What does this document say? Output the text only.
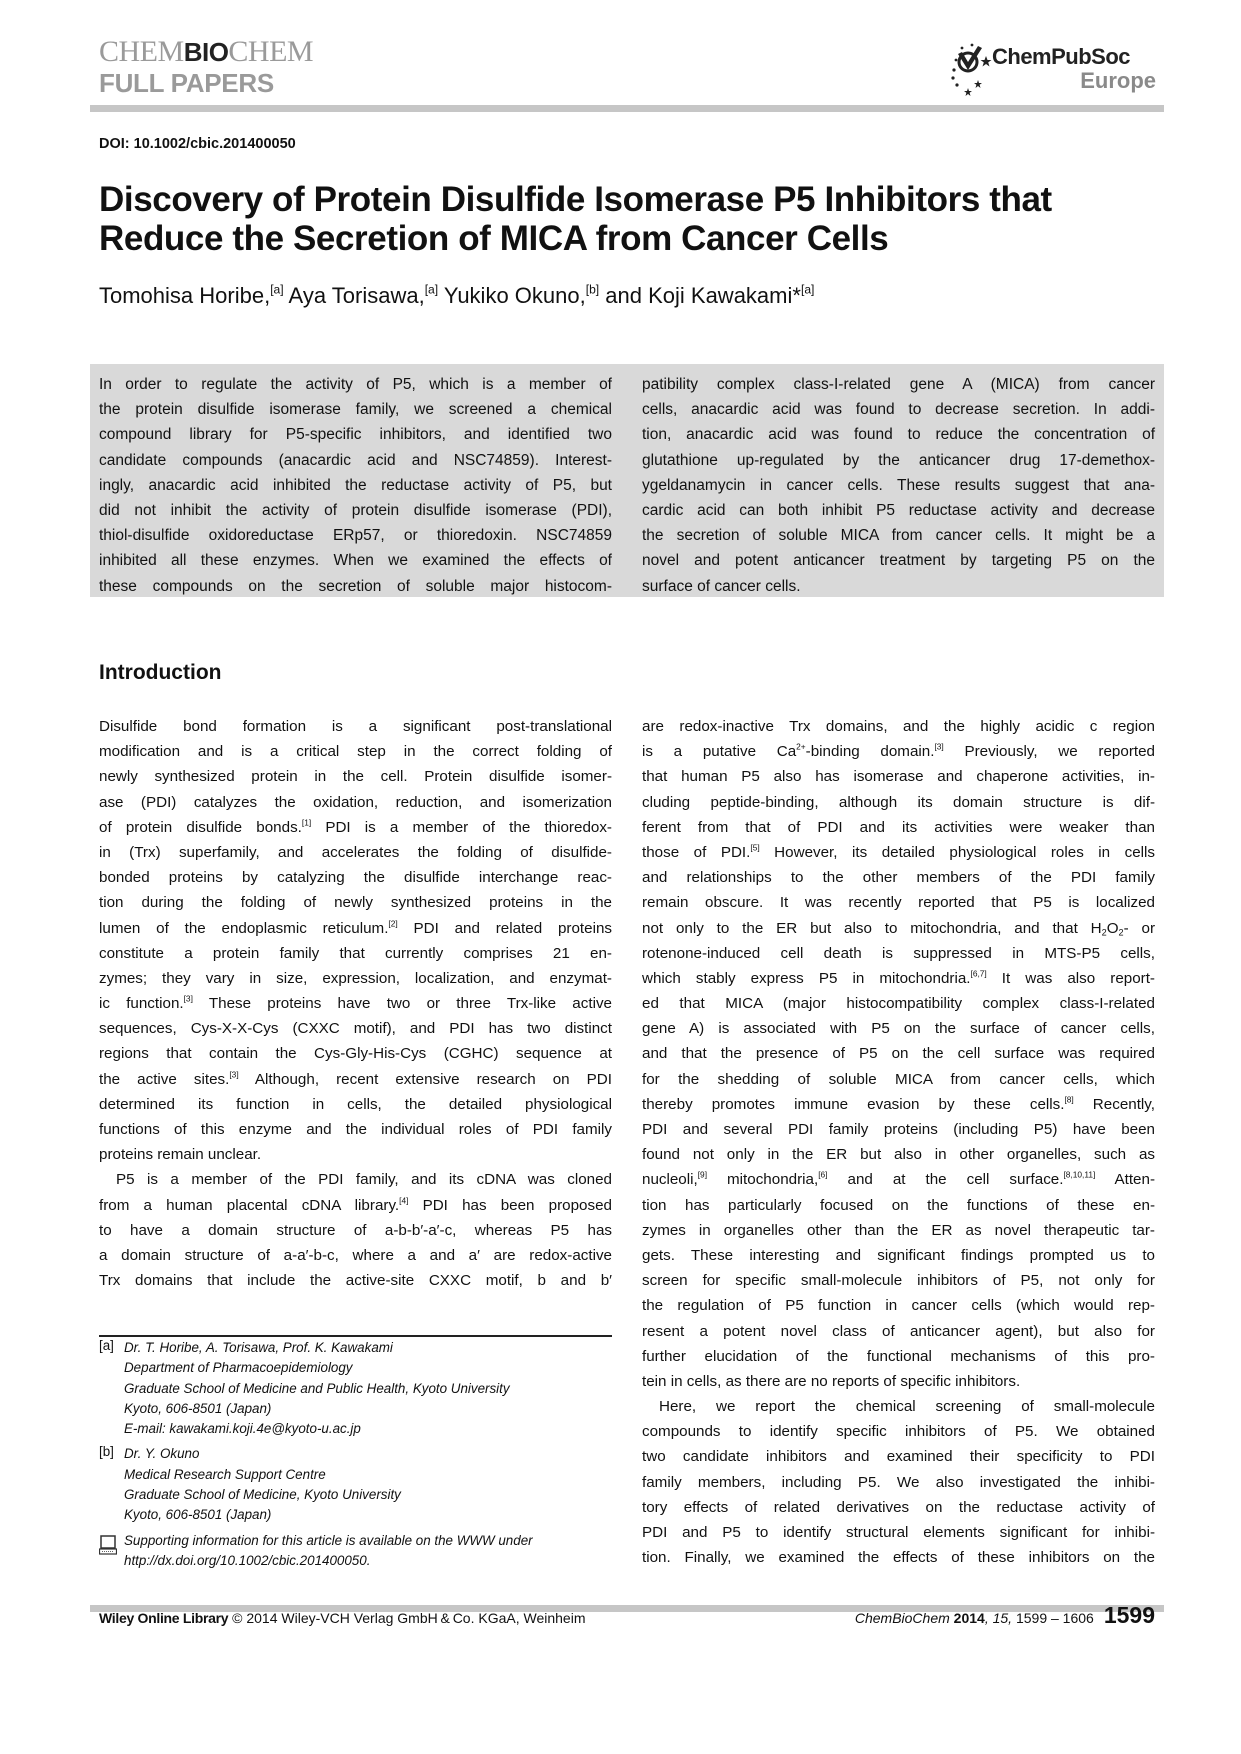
CHEMBIOCHEM
FULL PAPERS
ChemPubSoc
Europe
DOI: 10.1002/cbic.201400050
Discovery of Protein Disulfide Isomerase P5 Inhibitors that
Reduce the Secretion of MICA from Cancer Cells
Tomohisa Horibe,[a] Aya Torisawa,[a] Yukiko Okuno,[b] and Koji Kawakami*[a]
In order to regulate the activity of P5, which is a member of
the protein disulfide isomerase family, we screened a chemical
compound library for P5-specific inhibitors, and identified two
candidate compounds (anacardic acid and NSC74859). Interest-
ingly, anacardic acid inhibited the reductase activity of P5, but
did not inhibit the activity of protein disulfide isomerase (PDI),
thiol-disulfide oxidoreductase ERp57, or thioredoxin. NSC74859
inhibited all these enzymes. When we examined the effects of
these compounds on the secretion of soluble major histocom-
patibility complex class-I-related gene A (MICA) from cancer
cells, anacardic acid was found to decrease secretion. In addi-
tion, anacardic acid was found to reduce the concentration of
glutathione up-regulated by the anticancer drug 17-demethox-
ygeldanamycin in cancer cells. These results suggest that ana-
cardic acid can both inhibit P5 reductase activity and decrease
the secretion of soluble MICA from cancer cells. It might be a
novel and potent anticancer treatment by targeting P5 on the
surface of cancer cells.
Introduction
Disulfide bond formation is a significant post-translational
modification and is a critical step in the correct folding of
newly synthesized protein in the cell. Protein disulfide isomer-
ase (PDI) catalyzes the oxidation, reduction, and isomerization
of protein disulfide bonds.[1] PDI is a member of the thioredox-
in (Trx) superfamily, and accelerates the folding of disulfide-
bonded proteins by catalyzing the disulfide interchange reac-
tion during the folding of newly synthesized proteins in the
lumen of the endoplasmic reticulum.[2] PDI and related proteins
constitute a protein family that currently comprises 21 en-
zymes; they vary in size, expression, localization, and enzymat-
ic function.[3] These proteins have two or three Trx-like active
sequences, Cys-X-X-Cys (CXXC motif), and PDI has two distinct
regions that contain the Cys-Gly-His-Cys (CGHC) sequence at
the active sites.[3] Although, recent extensive research on PDI
determined its function in cells, the detailed physiological
functions of this enzyme and the individual roles of PDI family
proteins remain unclear.
P5 is a member of the PDI family, and its cDNA was cloned
from a human placental cDNA library.[4] PDI has been proposed
to have a domain structure of a-b-b′-a′-c, whereas P5 has
a domain structure of a-a′-b-c, where a and a′ are redox-active
Trx domains that include the active-site CXXC motif, b and b′
are redox-inactive Trx domains, and the highly acidic c region
is a putative $Ca^{2+}$-binding domain.[3] Previously, we reported
that human P5 also has isomerase and chaperone activities, in-
cluding peptide-binding, although its domain structure is dif-
ferent from that of PDI and its activities were weaker than
those of PDI.[5] However, its detailed physiological roles in cells
and relationships to the other members of the PDI family
remain obscure. It was recently reported that P5 is localized
not only to the ER but also to mitochondria, and that $H_2O_2-$ or
rotenone-induced cell death is suppressed in MTS-P5 cells,
which stably express P5 in mitochondria.[6,7] It was also report-
ed that MICA (major histocompatibility complex class-I-related
gene A) is associated with P5 on the surface of cancer cells,
and that the presence of P5 on the cell surface was required
for the shedding of soluble MICA from cancer cells, which
thereby promotes immune evasion by these cells.[8] Recently,
PDI and several PDI family proteins (including P5) have been
found not only in the ER but also in other organelles, such as
nucleoli,[9] mitochondria,[6] and at the cell surface.[8,10,11] Atten-
tion has particularly focused on the functions of these en-
zymes in organelles other than the ER as novel therapeutic tar-
gets. These interesting and significant findings prompted us to
screen for specific small-molecule inhibitors of P5, not only for
the regulation of P5 function in cancer cells (which would rep-
resent a potent novel class of anticancer agent), but also for
further elucidation of the functional mechanisms of this pro-
tein in cells, as there are no reports of specific inhibitors.
Here, we report the chemical screening of small-molecule
compounds to identify specific inhibitors of P5. We obtained
two candidate inhibitors and examined their specificity to PDI
family members, including P5. We also investigated the inhibi-
tory effects of related derivatives on the reductase activity of
PDI and P5 to identify structural elements significant for inhibi-
tion. Finally, we examined the effects of these inhibitors on the
[a] Dr. T. Horibe, A. Torisawa, Prof. K. Kawakami
Department of Pharmacoepidemiology
Graduate School of Medicine and Public Health, Kyoto University
Kyoto, 606-8501 (Japan)
E-mail: kawakami.koji.4e@kyoto-u.ac.jp
[b] Dr. Y. Okuno
Medical Research Support Centre
Graduate School of Medicine, Kyoto University
Kyoto, 606-8501 (Japan)
Supporting information for this article is available on the WWW under
http://dx.doi.org/10.1002/cbic.201400050.
Wiley Online Library © 2014 Wiley-VCH Verlag GmbH & Co. KGaA, Weinheim	ChemBioChem 2014, 15, 1599 – 1606 1599
